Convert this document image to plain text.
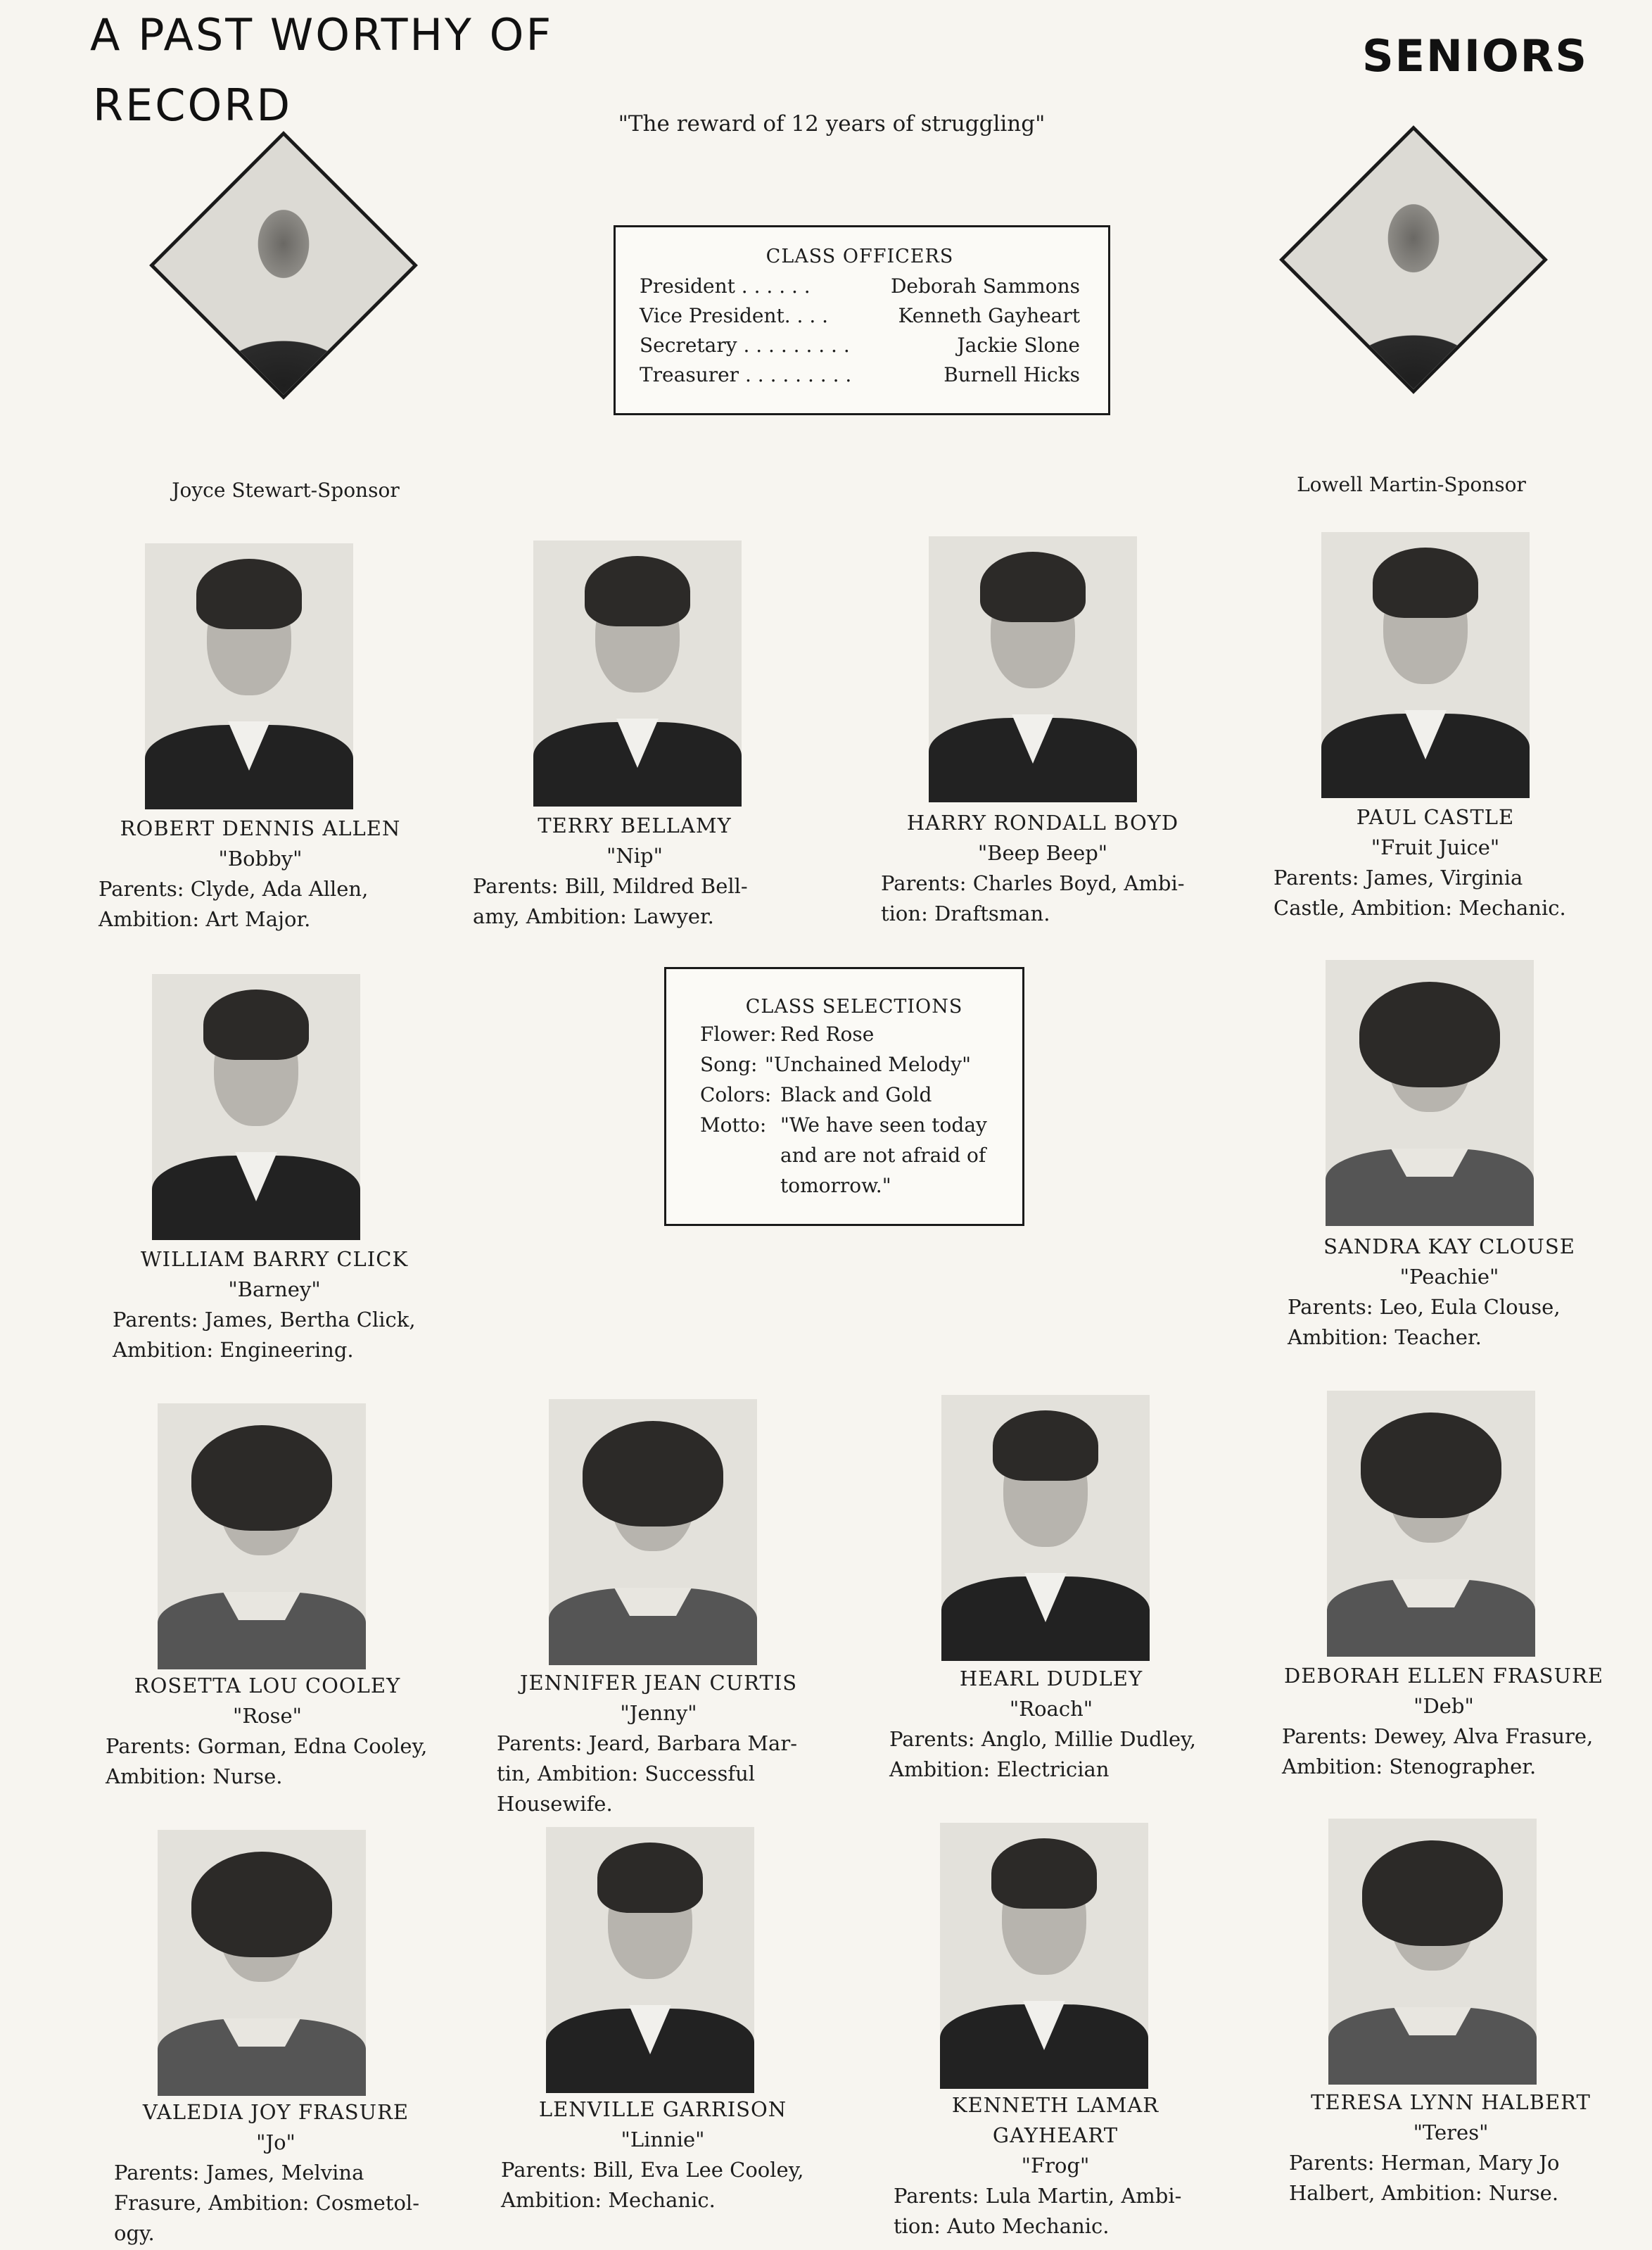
A PAST WORTHY OF
RECORD
SENIORS
"The reward of 12 years of struggling"
Joyce Stewart-Sponsor	Lowell Martin-Sponsor
CLASS OFFICERS
President . . . . . .	Deborah Sammons
Vice President. . . .	Kenneth Gayheart
Secretary . . . . . . . . .	Jackie Slone
Treasurer . . . . . . . . .	Burnell Hicks
CLASS SELECTIONS
Flower: Red Rose
Song: "Unchained Melody"
Colors: Black and Gold
Motto: "We have seen today
and are not afraid of
tomorrow."
ROBERT DENNIS ALLEN
"Bobby"
Parents: Clyde, Ada Allen,
Ambition: Art Major.
TERRY BELLAMY
"Nip"
Parents: Bill, Mildred Bell-
amy, Ambition: Lawyer.
HARRY RONDALL BOYD
"Beep Beep"
Parents: Charles Boyd, Ambi-
tion: Draftsman.
PAUL CASTLE
"Fruit Juice"
Parents: James, Virginia
Castle, Ambition: Mechanic.
WILLIAM BARRY CLICK
"Barney"
Parents: James, Bertha Click,
Ambition: Engineering.
SANDRA KAY CLOUSE
"Peachie"
Parents: Leo, Eula Clouse,
Ambition: Teacher.
ROSETTA LOU COOLEY
"Rose"
Parents: Gorman, Edna Cooley,
Ambition: Nurse.
JENNIFER JEAN CURTIS
"Jenny"
Parents: Jeard, Barbara Mar-
tin, Ambition: Successful
Housewife.
HEARL DUDLEY
"Roach"
Parents: Anglo, Millie Dudley,
Ambition: Electrician
DEBORAH ELLEN FRASURE
"Deb"
Parents: Dewey, Alva Frasure,
Ambition: Stenographer.
VALEDIA JOY FRASURE
"Jo"
Parents: James, Melvina
Frasure, Ambition: Cosmetol-
ogy.
LENVILLE GARRISON
"Linnie"
Parents: Bill, Eva Lee Cooley,
Ambition: Mechanic.
KENNETH LAMAR
GAYHEART
"Frog"
Parents: Lula Martin, Ambi-
tion: Auto Mechanic.
TERESA LYNN HALBERT
"Teres"
Parents: Herman, Mary Jo
Halbert, Ambition: Nurse.
